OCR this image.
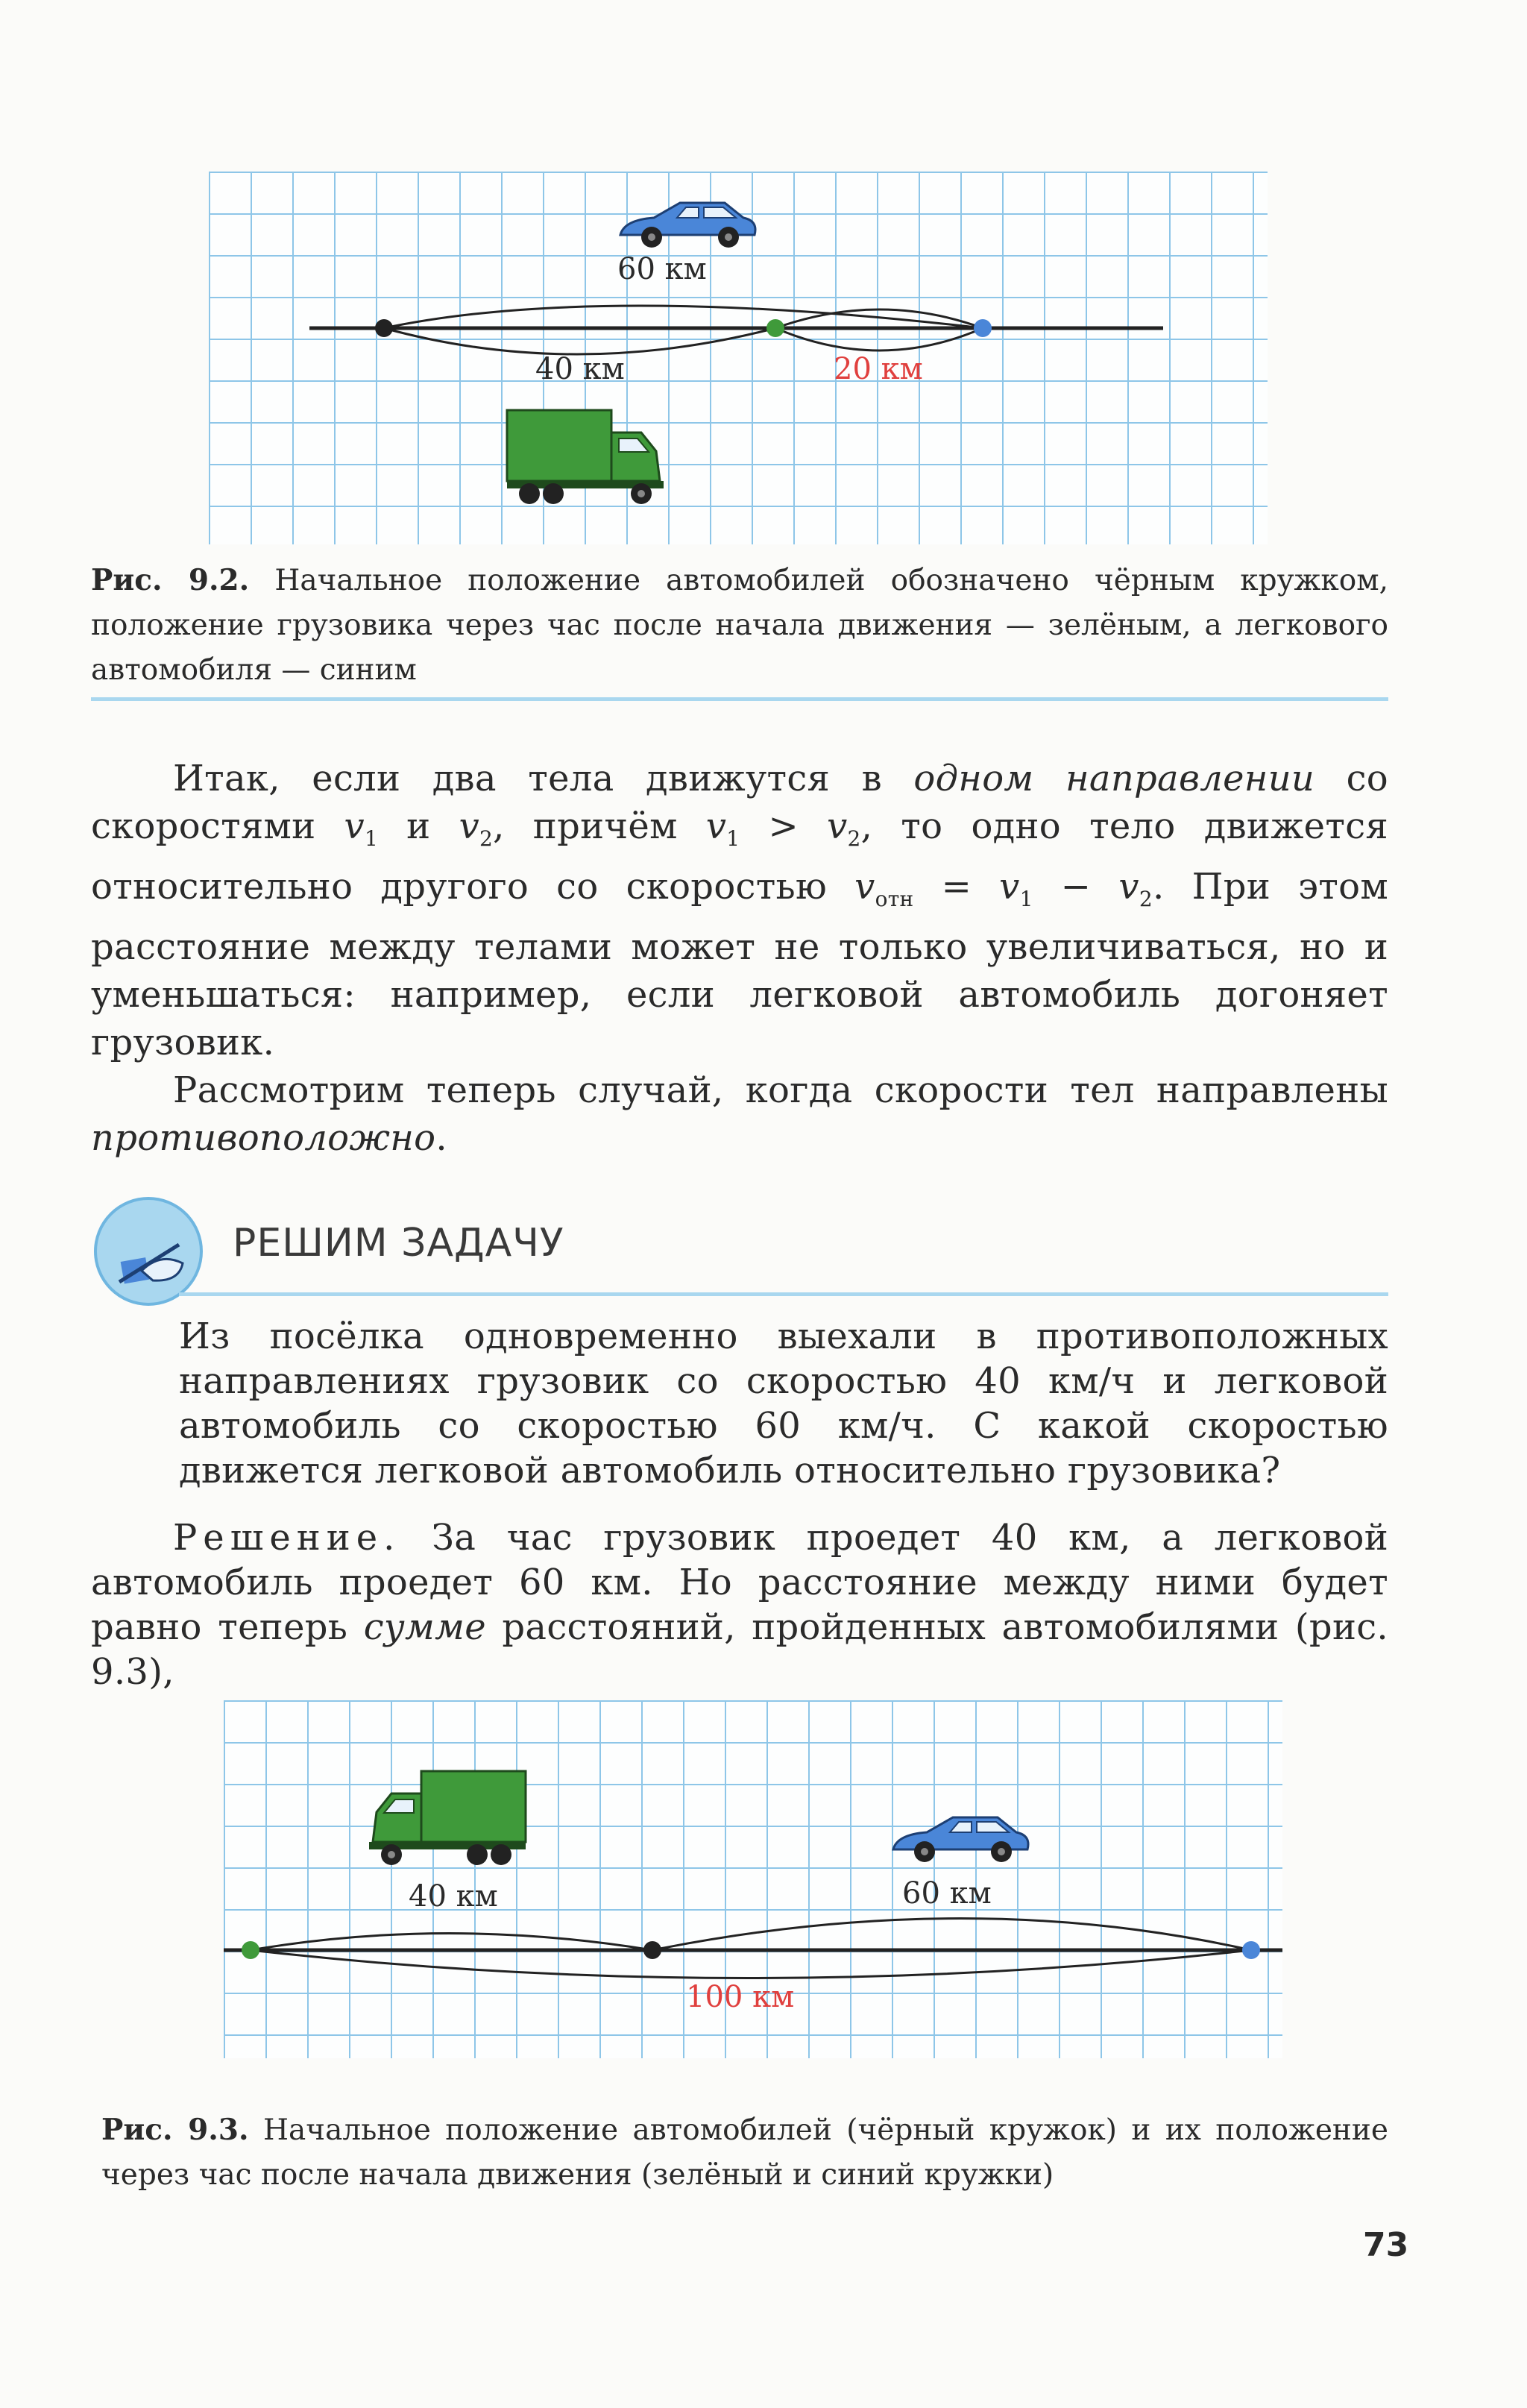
60 км
40 км	20 км
Рис. 9.2. Начальное положение автомобилей обозначено чёрным кружком, положение грузовика через час после начала движения — зелёным, а легкового автомобиля — синим

Итак, если два тела движутся в одном направлении со скоростями $v_1$ и $v_2$, причём $v_1 > v_2$, то одно тело движется относительно другого со скоростью $v_{отн} = v_1 - v_2$. При этом расстояние между телами может не только увеличиваться, но и уменьшаться: например, если легковой автомобиль догоняет грузовик.

Рассмотрим теперь случай, когда скорости тел направлены противоположно.

РЕШИМ ЗАДАЧУ
Из посёлка одновременно выехали в противоположных направлениях грузовик со скоростью 40 км/ч и легковой автомобиль со скоростью 60 км/ч. С какой скоростью движется легковой автомобиль относительно грузовика?

Решение. За час грузовик проедет 40 км, а легковой автомобиль проедет 60 км. Но расстояние между ними будет равно теперь сумме расстояний, пройденных автомобилями (рис. 9.3),

40 км	60 км
100 км
Рис. 9.3. Начальное положение автомобилей (чёрный кружок) и их положение через час после начала движения (зелёный и синий кружки)
73
